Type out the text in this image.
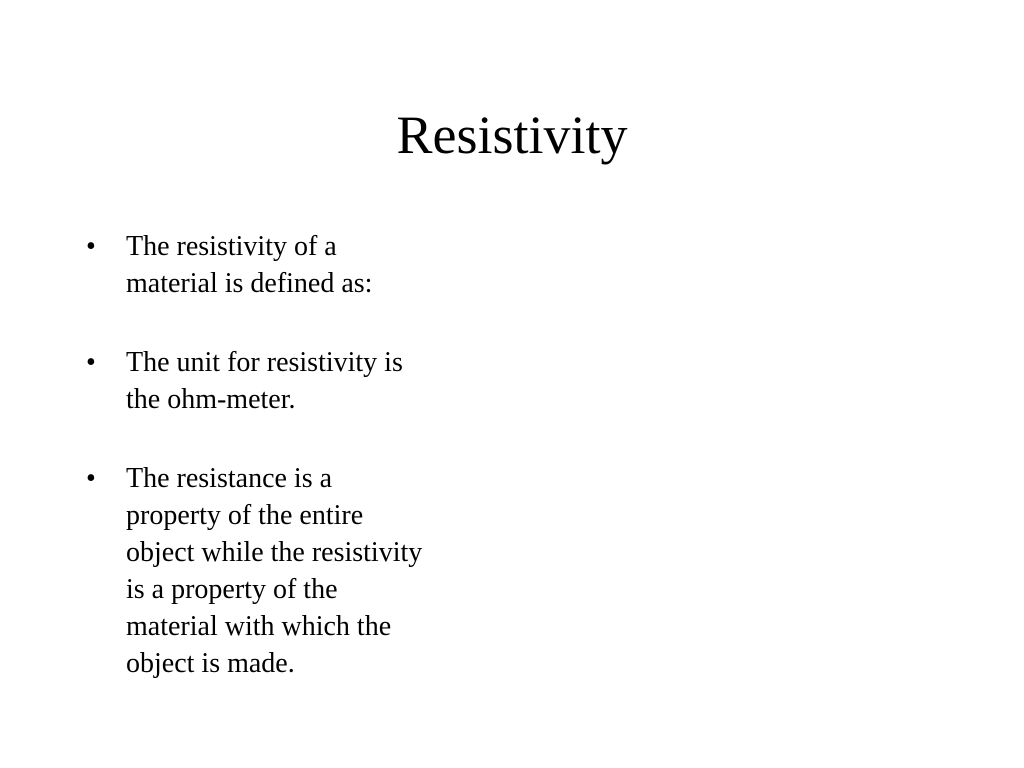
Resistivity
•	The resistivity of a
material is defined as:
•	The unit for resistivity is
the ohm-meter.
•	The resistance is a
property of the entire
object while the resistivity
is a property of the
material with which the
object is made.
